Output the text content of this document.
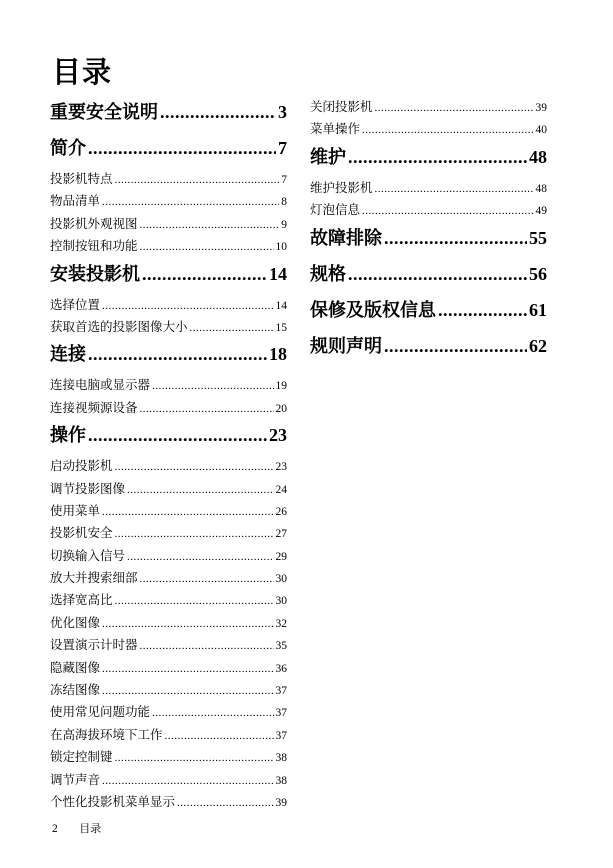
目录
重要安全说明 .....	3
简介 .....	7
投影机特点 .....	7
物品清单 .....	8
投影机外观视图 .....	9
控制按钮和功能 .....	10
安装投影机 .....	14
选择位置 .....	14
获取首选的投影图像大小 .....	15
连接 .....	18
连接电脑或显示器 .....	19
连接视频源设备 .....	20
操作 .....	23
启动投影机 .....	23
调节投影图像 .....	24
使用菜单 .....	26
投影机安全 .....	27
切换输入信号 .....	29
放大并搜索细部 .....	30
选择宽高比 .....	30
优化图像 .....	32
设置演示计时器 .....	35
隐藏图像 .....	36
冻结图像 .....	37
使用常见问题功能 .....	37
在高海拔环境下工作 .....	37
锁定控制键 .....	38
调节声音 .....	38
个性化投影机菜单显示 .....	39
关闭投影机 .....	39
菜单操作 .....	40
维护 .....	48
维护投影机 .....	48
灯泡信息 .....	49
故障排除 .....	55
规格 .....	56
保修及版权信息 .....	61
规则声明 .....	62
2 目录
